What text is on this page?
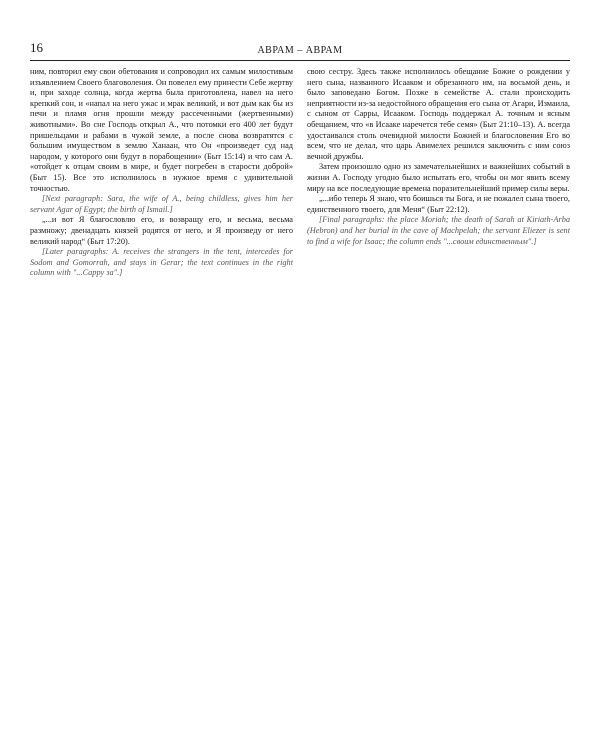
16	АВРАМ – АВРАМ

ним, повторил ему свои обетования и сопроводил их самым милостивым изъявлением Своего благоволения. Он повелел ему принести Себе жертву и, при заходе солнца, когда жертва была приготовлена, навел на него крепкий сон, и «напал на него ужас и мрак великий, и вот дым как бы из печи и пламя огня прошли между рассеченными (жертвенными) животными». Во сне Господь открыл А., что потомки его 400 лет будут пришельцами и рабами в чужой земле, а после снова возвратятся с большим имуществом в землю Ханаан, что Он «произведет суд над народом, у которого они будут в порабощении» (Быт 15:14) и что сам А. «отойдет к отцам своим в мире, и будет погребен в старости доброй» (Быт 15). Все это исполнилось в нужное время с удивительной точностью.

[Next paragraph: Sara, the wife of A., being childless, gives him her servant Agar of Egypt; the birth of Ismail.]

„...и вот Я благословлю его, и возвращу его, и весьма, весьма размножу; двенадцать князей родятся от него, и Я произведу от него великий народ“ (Быт 17:20).

[Later paragraphs: A. receives the strangers in the tent, intercedes for Sodom and Gomorrah, and stays in Gerar; the text continues in the right column with "...Сарру за".]

свою сестру. Здесь также исполнилось обещание Божие о рождении у него сына, названного Исааком и обрезанного им, на восьмой день, и было заповедано Богом. Позже в семействе А. стали происходить неприятности из-за недостойного обращения его сына от Агари, Измаила, с сыном от Сарры, Исааком. Господь поддержал А. точным и ясным обещанием, что «в Исааке наречется тебе семя» (Быт 21:10–13). А. всегда удостаивался столь очевидной милости Божией и благословения Его во всем, что не делал, что царь Авимелех решился заключить с ним союз вечной дружбы.

Затем произошло одно из замечательнейших и важнейших событий в жизни А. Господу угодно было испытать его, чтобы он мог явить всему миру на все последующие времена поразительнейший пример силы веры.

„...ибо теперь Я знаю, что боишься ты Бога, и не пожалел сына твоего, единственного твоего, для Меня“ (Быт 22:12).

[Final paragraphs: the place Moriah; the death of Sarah at Kiriath-Arba (Hebron) and her burial in the cave of Machpelah; the servant Eliezer is sent to find a wife for Isaac; the column ends "...своим единственным".]
